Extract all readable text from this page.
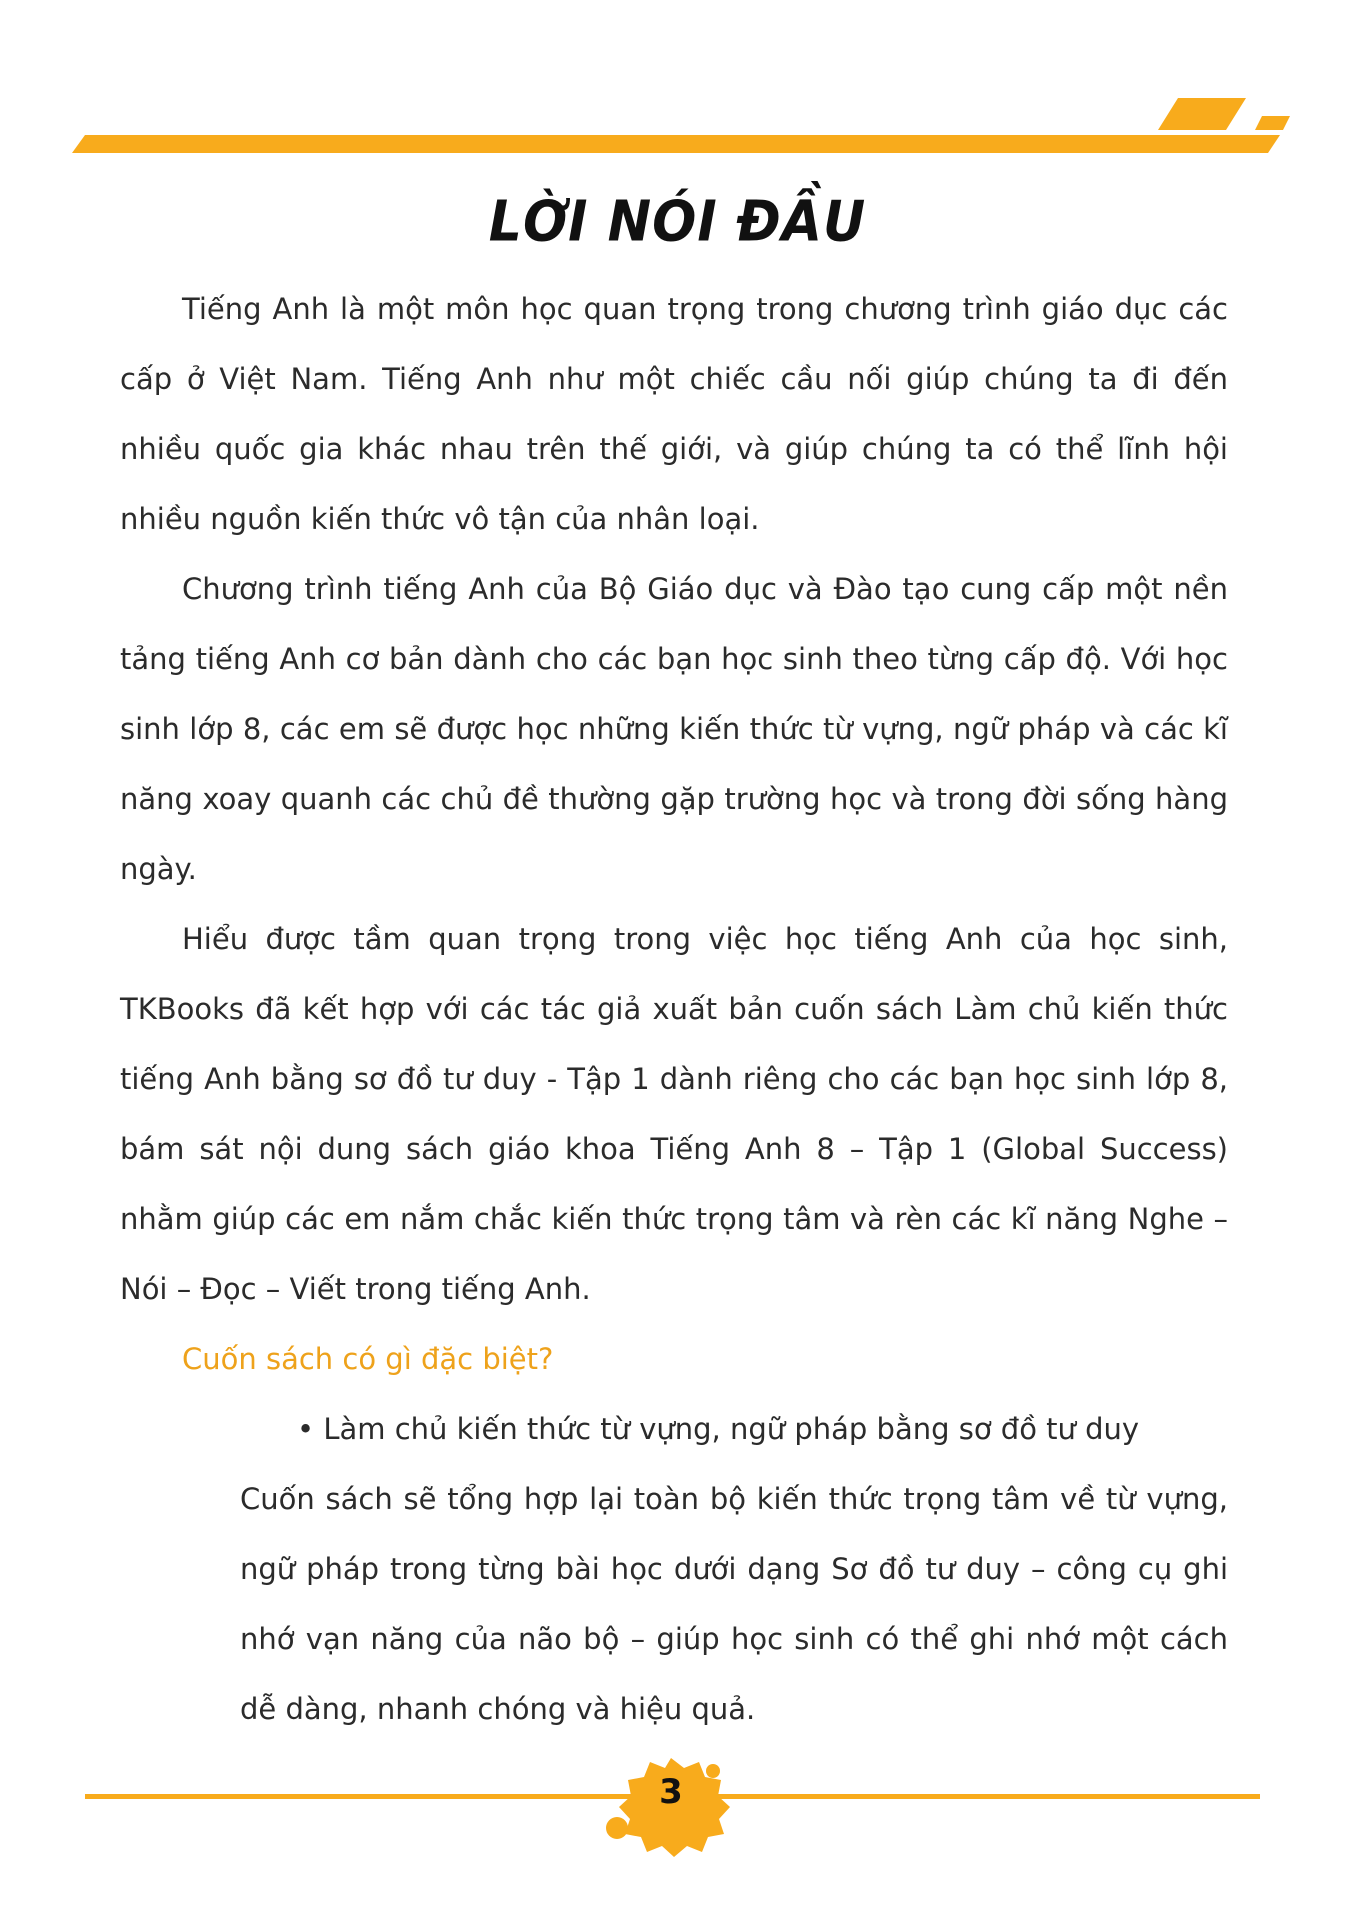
LỜI NÓI ĐẦU

Tiếng Anh là một môn học quan trọng trong chương trình giáo dục các cấp ở Việt Nam. Tiếng Anh như một chiếc cầu nối giúp chúng ta đi đến nhiều quốc gia khác nhau trên thế giới, và giúp chúng ta có thể lĩnh hội nhiều nguồn kiến thức vô tận của nhân loại.

Chương trình tiếng Anh của Bộ Giáo dục và Đào tạo cung cấp một nền tảng tiếng Anh cơ bản dành cho các bạn học sinh theo từng cấp độ. Với học sinh lớp 8, các em sẽ được học những kiến thức từ vựng, ngữ pháp và các kĩ năng xoay quanh các chủ đề thường gặp trường học và trong đời sống hàng ngày.

Hiểu được tầm quan trọng trong việc học tiếng Anh của học sinh, TKBooks đã kết hợp với các tác giả xuất bản cuốn sách Làm chủ kiến thức tiếng Anh bằng sơ đồ tư duy - Tập 1 dành riêng cho các bạn học sinh lớp 8, bám sát nội dung sách giáo khoa Tiếng Anh 8 – Tập 1 (Global Success) nhằm giúp các em nắm chắc kiến thức trọng tâm và rèn các kĩ năng Nghe – Nói – Đọc – Viết trong tiếng Anh.

Cuốn sách có gì đặc biệt?

• Làm chủ kiến thức từ vựng, ngữ pháp bằng sơ đồ tư duy

Cuốn sách sẽ tổng hợp lại toàn bộ kiến thức trọng tâm về từ vựng, ngữ pháp trong từng bài học dưới dạng Sơ đồ tư duy – công cụ ghi nhớ vạn năng của não bộ – giúp học sinh có thể ghi nhớ một cách dễ dàng, nhanh chóng và hiệu quả.

3
